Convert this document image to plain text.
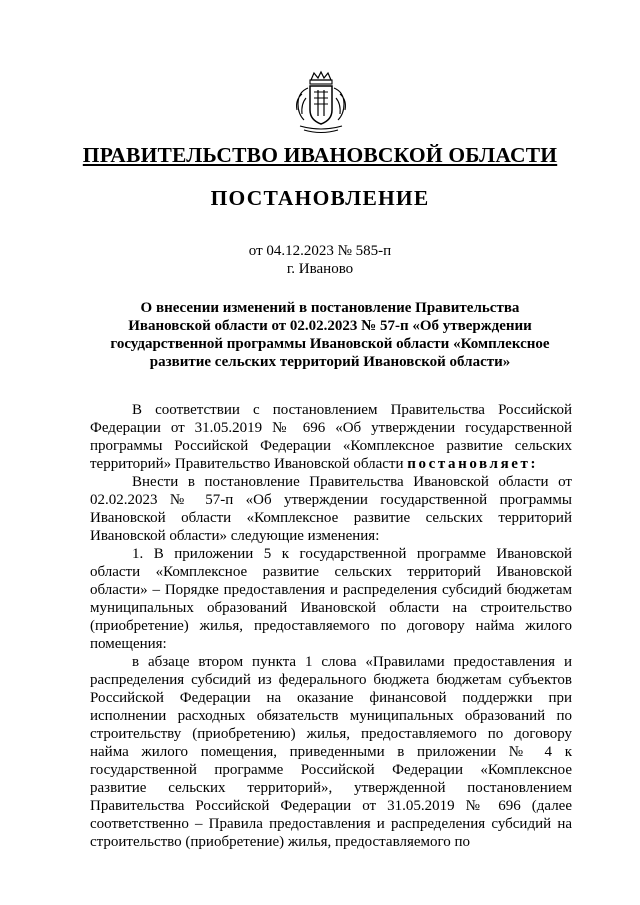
ПРАВИТЕЛЬСТВО ИВАНОВСКОЙ ОБЛАСТИ
ПОСТАНОВЛЕНИЕ
от 04.12.2023 № 585-п
г. Иваново
О внесении изменений в постановление Правительства
Ивановской области от 02.02.2023 № 57-п «Об утверждении
государственной программы Ивановской области «Комплексное
развитие сельских территорий Ивановской области»

В соответствии с постановлением Правительства Российской Федерации от 31.05.2019 № 696 «Об утверждении государственной программы Российской Федерации «Комплексное развитие сельских территорий» Правительство Ивановской области постановляет:

Внести в постановление Правительства Ивановской области от 02.02.2023 № 57-п «Об утверждении государственной программы Ивановской области «Комплексное развитие сельских территорий Ивановской области» следующие изменения:

1. В приложении 5 к государственной программе Ивановской области «Комплексное развитие сельских территорий Ивановской области» – Порядке предоставления и распределения субсидий бюджетам муниципальных образований Ивановской области на строительство (приобретение) жилья, предоставляемого по договору найма жилого помещения:

в абзаце втором пункта 1 слова «Правилами предоставления и распределения субсидий из федерального бюджета бюджетам субъектов Российской Федерации на оказание финансовой поддержки при исполнении расходных обязательств муниципальных образований по строительству (приобретению) жилья, предоставляемого по договору найма жилого помещения, приведенными в приложении № 4 к государственной программе Российской Федерации «Комплексное развитие сельских территорий», утвержденной постановлением Правительства Российской Федерации от 31.05.2019 № 696 (далее соответственно – Правила предоставления и распределения субсидий на строительство (приобретение) жилья, предоставляемого по
